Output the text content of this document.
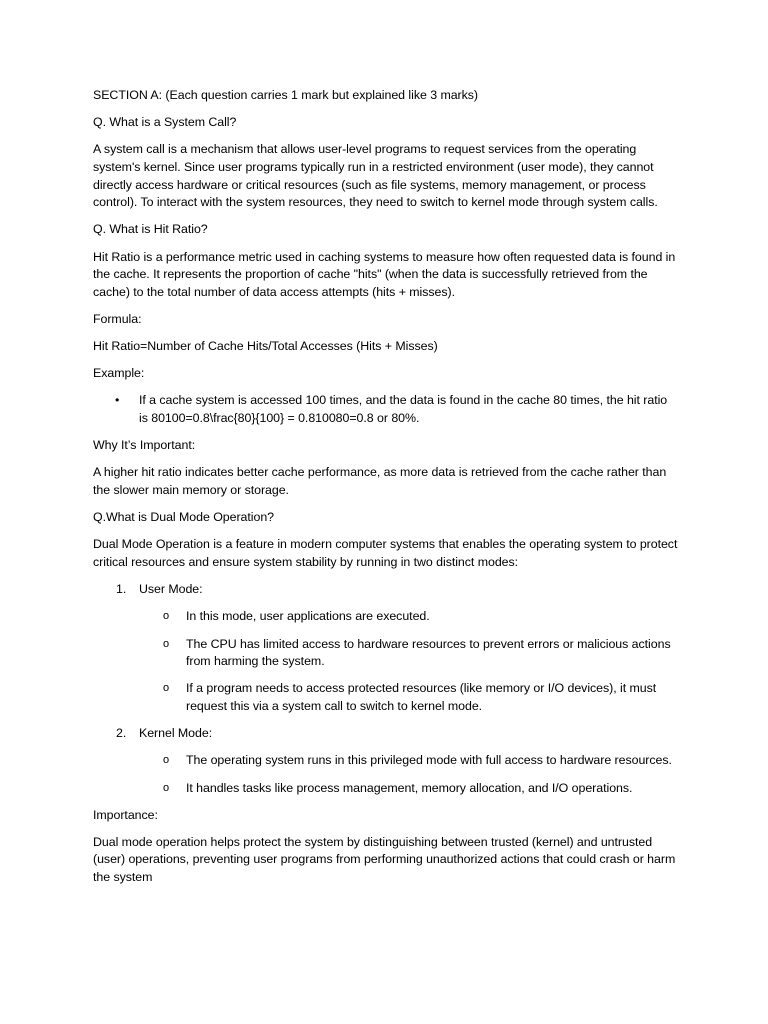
SECTION A: (Each question carries 1 mark but explained like 3 marks)
Q. What is a System Call?
A system call is a mechanism that allows user-level programs to request services from the operating system's kernel. Since user programs typically run in a restricted environment (user mode), they cannot directly access hardware or critical resources (such as file systems, memory management, or process control). To interact with the system resources, they need to switch to kernel mode through system calls.
Q. What is Hit Ratio?
Hit Ratio is a performance metric used in caching systems to measure how often requested data is found in the cache. It represents the proportion of cache "hits" (when the data is successfully retrieved from the cache) to the total number of data access attempts (hits + misses).
Formula:
Hit Ratio=Number of Cache Hits/Total Accesses (Hits + Misses)
Example:
• If a cache system is accessed 100 times, and the data is found in the cache 80 times, the hit ratio is 80100=0.8\frac{80}{100} = 0.810080=0.8 or 80%.
Why It’s Important:
A higher hit ratio indicates better cache performance, as more data is retrieved from the cache rather than the slower main memory or storage.
Q.What is Dual Mode Operation?
Dual Mode Operation is a feature in modern computer systems that enables the operating system to protect critical resources and ensure system stability by running in two distinct modes:
1. User Mode:
o In this mode, user applications are executed.
o The CPU has limited access to hardware resources to prevent errors or malicious actions from harming the system.
o If a program needs to access protected resources (like memory or I/O devices), it must request this via a system call to switch to kernel mode.
2. Kernel Mode:
o The operating system runs in this privileged mode with full access to hardware resources.
o It handles tasks like process management, memory allocation, and I/O operations.
Importance:
Dual mode operation helps protect the system by distinguishing between trusted (kernel) and untrusted (user) operations, preventing user programs from performing unauthorized actions that could crash or harm the system
